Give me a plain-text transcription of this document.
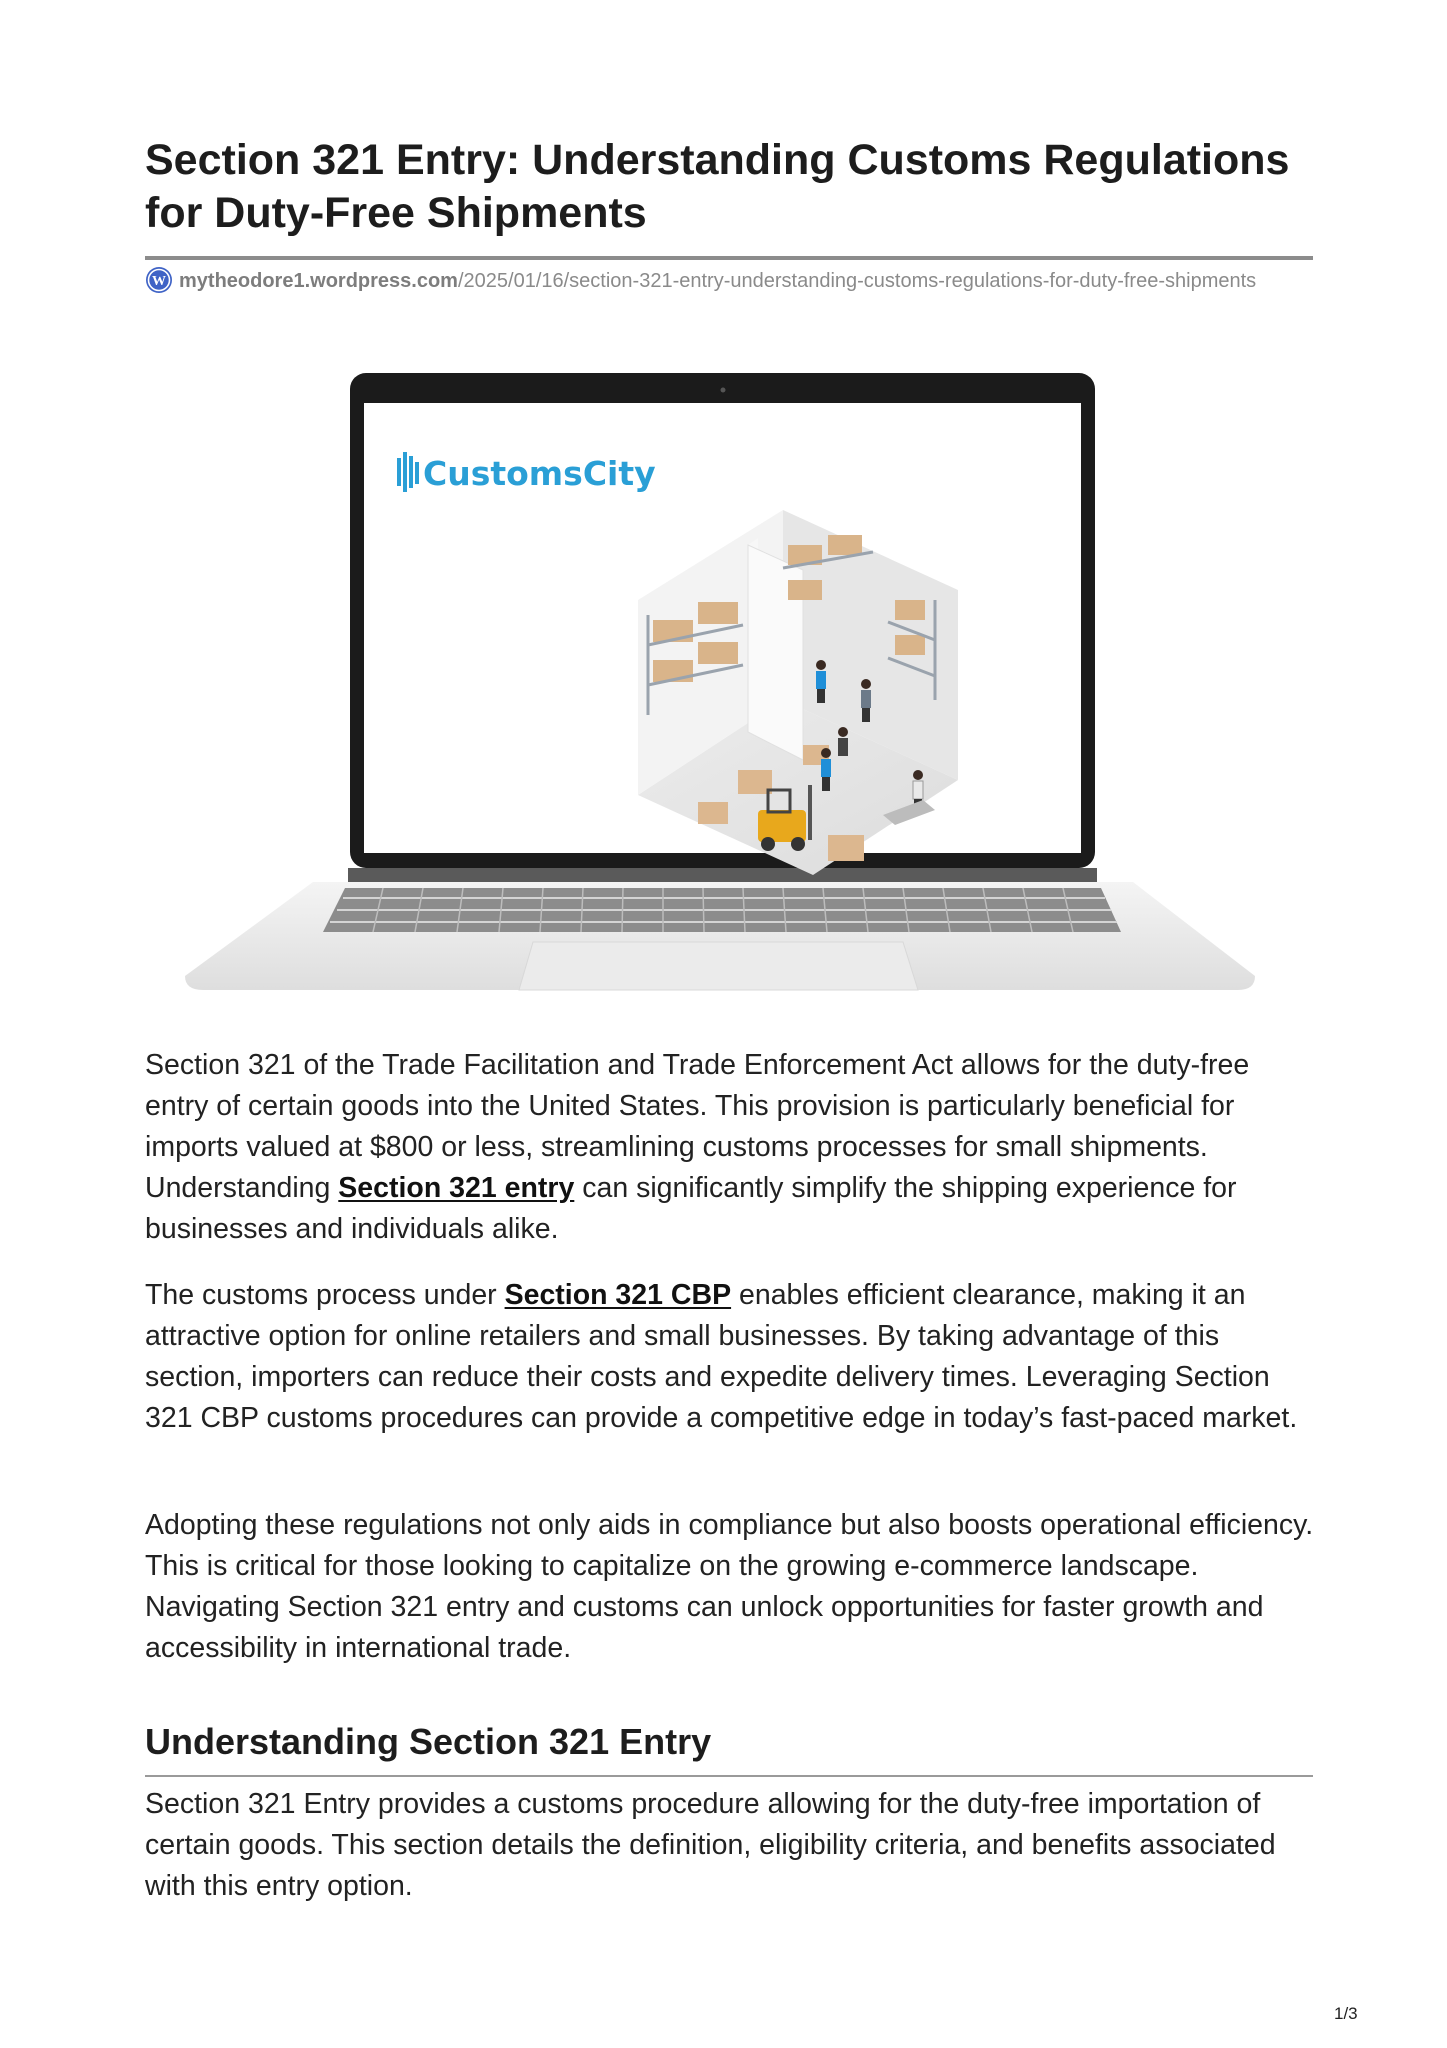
Section 321 Entry: Understanding Customs Regulations for Duty-Free Shipments
W mytheodore1.wordpress.com/2025/01/16/section-321-entry-understanding-customs-regulations-for-duty-free-shipments
CustomsCity

Section 321 of the Trade Facilitation and Trade Enforcement Act allows for the duty-free entry of certain goods into the United States. This provision is particularly beneficial for imports valued at $800 or less, streamlining customs processes for small shipments. Understanding Section 321 entry can significantly simplify the shipping experience for businesses and individuals alike.

The customs process under Section 321 CBP enables efficient clearance, making it an attractive option for online retailers and small businesses. By taking advantage of this section, importers can reduce their costs and expedite delivery times. Leveraging Section 321 CBP customs procedures can provide a competitive edge in today’s fast-paced market.

Adopting these regulations not only aids in compliance but also boosts operational efficiency. This is critical for those looking to capitalize on the growing e-commerce landscape. Navigating Section 321 entry and customs can unlock opportunities for faster growth and accessibility in international trade.

Understanding Section 321 Entry

Section 321 Entry provides a customs procedure allowing for the duty-free importation of certain goods. This section details the definition, eligibility criteria, and benefits associated with this entry option.

1/3
